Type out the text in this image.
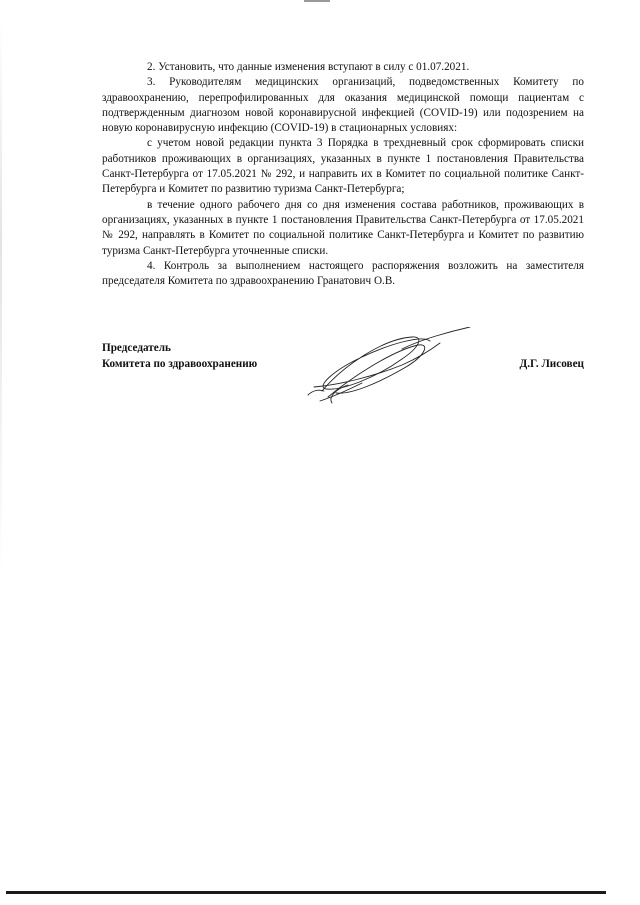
2. Установить, что данные изменения вступают в силу с 01.07.2021.

3. Руководителям медицинских организаций, подведомственных Комитету по здравоохранению, перепрофилированных для оказания медицинской помощи пациентам с подтвержденным диагнозом новой коронавирусной инфекцией (COVID-19) или подозрением на новую коронавирусную инфекцию (COVID-19) в стационарных условиях:

с учетом новой редакции пункта 3 Порядка в трехдневный срок сформировать списки работников проживающих в организациях, указанных в пункте 1 постановления Правительства Санкт-Петербурга от 17.05.2021 № 292, и направить их в Комитет по социальной политике Санкт-Петербурга и Комитет по развитию туризма Санкт-Петербурга;

в течение одного рабочего дня со дня изменения состава работников, проживающих в организациях, указанных в пункте 1 постановления Правительства Санкт-Петербурга от 17.05.2021 № 292, направлять в Комитет по социальной политике Санкт-Петербурга и Комитет по развитию туризма Санкт-Петербурга уточненные списки.

4. Контроль за выполнением настоящего распоряжения возложить на заместителя председателя Комитета по здравоохранению Гранатович О.В.

Председатель
Комитета по здравоохранению	Д.Г. Лисовец
